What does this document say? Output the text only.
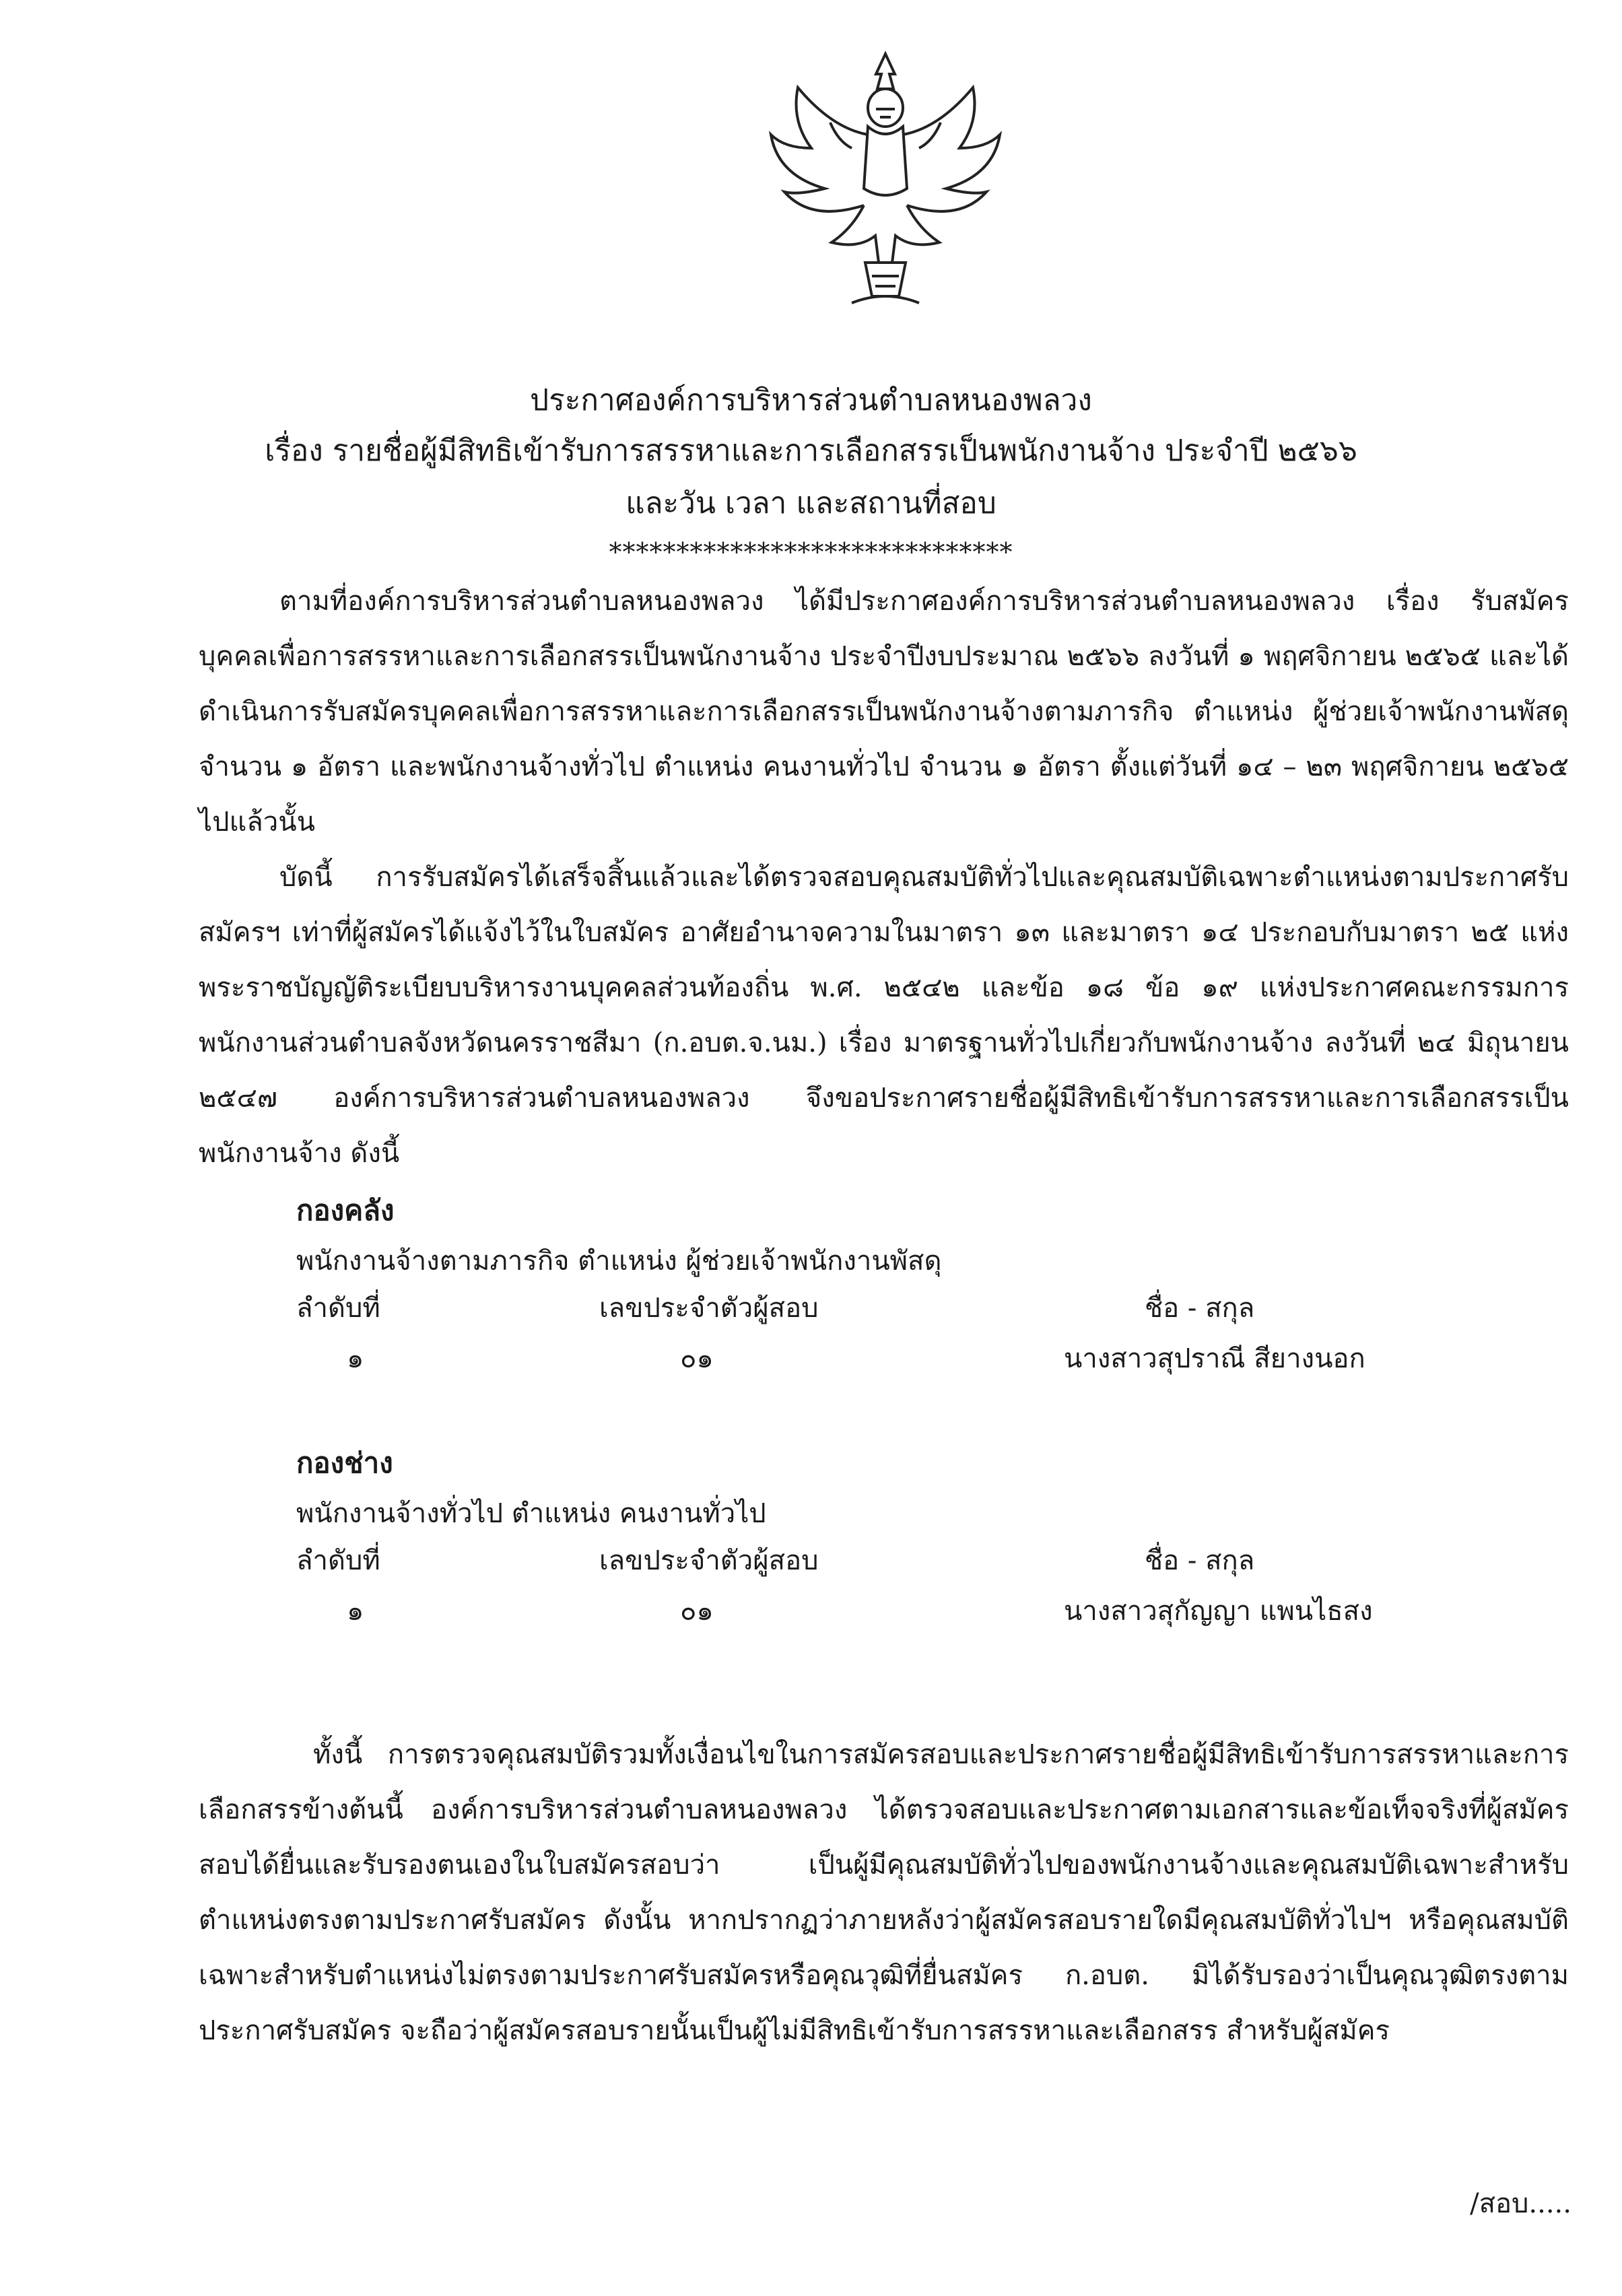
ประกาศองค์การบริหารส่วนตำบลหนองพลวง
เรื่อง รายชื่อผู้มีสิทธิเข้ารับการสรรหาและการเลือกสรรเป็นพนักงานจ้าง ประจำปี ๒๕๖๖
และวัน เวลา และสถานที่สอบ
******************************
ตามที่องค์การบริหารส่วนตำบลหนองพลวง ได้มีประกาศองค์การบริหารส่วนตำบลหนองพลวง เรื่อง รับสมัครบุคคลเพื่อการสรรหาและการเลือกสรรเป็นพนักงานจ้าง ประจำปีงบประมาณ ๒๕๖๖ ลงวันที่ ๑ พฤศจิกายน ๒๕๖๕ และได้ดำเนินการรับสมัครบุคคลเพื่อการสรรหาและการเลือกสรรเป็นพนักงานจ้างตามภารกิจ ตำแหน่ง ผู้ช่วยเจ้าพนักงานพัสดุ จำนวน ๑ อัตรา และพนักงานจ้างทั่วไป ตำแหน่ง คนงานทั่วไป จำนวน ๑ อัตรา ตั้งแต่วันที่ ๑๔ – ๒๓ พฤศจิกายน ๒๕๖๕ ไปแล้วนั้น
บัดนี้ การรับสมัครได้เสร็จสิ้นแล้วและได้ตรวจสอบคุณสมบัติทั่วไปและคุณสมบัติเฉพาะตำแหน่งตามประกาศรับสมัครฯ เท่าที่ผู้สมัครได้แจ้งไว้ในใบสมัคร อาศัยอำนาจความในมาตรา ๑๓ และมาตรา ๑๔ ประกอบกับมาตรา ๒๕ แห่งพระราชบัญญัติระเบียบบริหารงานบุคคลส่วนท้องถิ่น พ.ศ. ๒๕๔๒ และข้อ ๑๘ ข้อ ๑๙ แห่งประกาศคณะกรรมการพนักงานส่วนตำบลจังหวัดนครราชสีมา (ก.อบต.จ.นม.) เรื่อง มาตรฐานทั่วไปเกี่ยวกับพนักงานจ้าง ลงวันที่ ๒๔ มิถุนายน ๒๕๔๗ องค์การบริหารส่วนตำบลหนองพลวง จึงขอประกาศรายชื่อผู้มีสิทธิเข้ารับการสรรหาและการเลือกสรรเป็นพนักงานจ้าง ดังนี้
กองคลัง
พนักงานจ้างตามภารกิจ ตำแหน่ง ผู้ช่วยเจ้าพนักงานพัสดุ
ลำดับที่	เลขประจำตัวผู้สอบ	ชื่อ - สกุล
๑	๐๑	นางสาวสุปราณี สียางนอก
กองช่าง
พนักงานจ้างทั่วไป ตำแหน่ง คนงานทั่วไป
ลำดับที่	เลขประจำตัวผู้สอบ	ชื่อ - สกุล
๑	๐๑	นางสาวสุกัญญา แพนไธสง
ทั้งนี้ การตรวจคุณสมบัติรวมทั้งเงื่อนไขในการสมัครสอบและประกาศรายชื่อผู้มีสิทธิเข้ารับการสรรหาและการเลือกสรรข้างต้นนี้ องค์การบริหารส่วนตำบลหนองพลวง ได้ตรวจสอบและประกาศตามเอกสารและข้อเท็จจริงที่ผู้สมัครสอบได้ยื่นและรับรองตนเองในใบสมัครสอบว่า เป็นผู้มีคุณสมบัติทั่วไปของพนักงานจ้างและคุณสมบัติเฉพาะสำหรับตำแหน่งตรงตามประกาศรับสมัคร ดังนั้น หากปรากฏว่าภายหลังว่าผู้สมัครสอบรายใดมีคุณสมบัติทั่วไปฯ หรือคุณสมบัติเฉพาะสำหรับตำแหน่งไม่ตรงตามประกาศรับสมัครหรือคุณวุฒิที่ยื่นสมัคร ก.อบต. มิได้รับรองว่าเป็นคุณวุฒิตรงตามประกาศรับสมัคร จะถือว่าผู้สมัครสอบรายนั้นเป็นผู้ไม่มีสิทธิเข้ารับการสรรหาและเลือกสรร สำหรับผู้สมัคร
/สอบ.....
